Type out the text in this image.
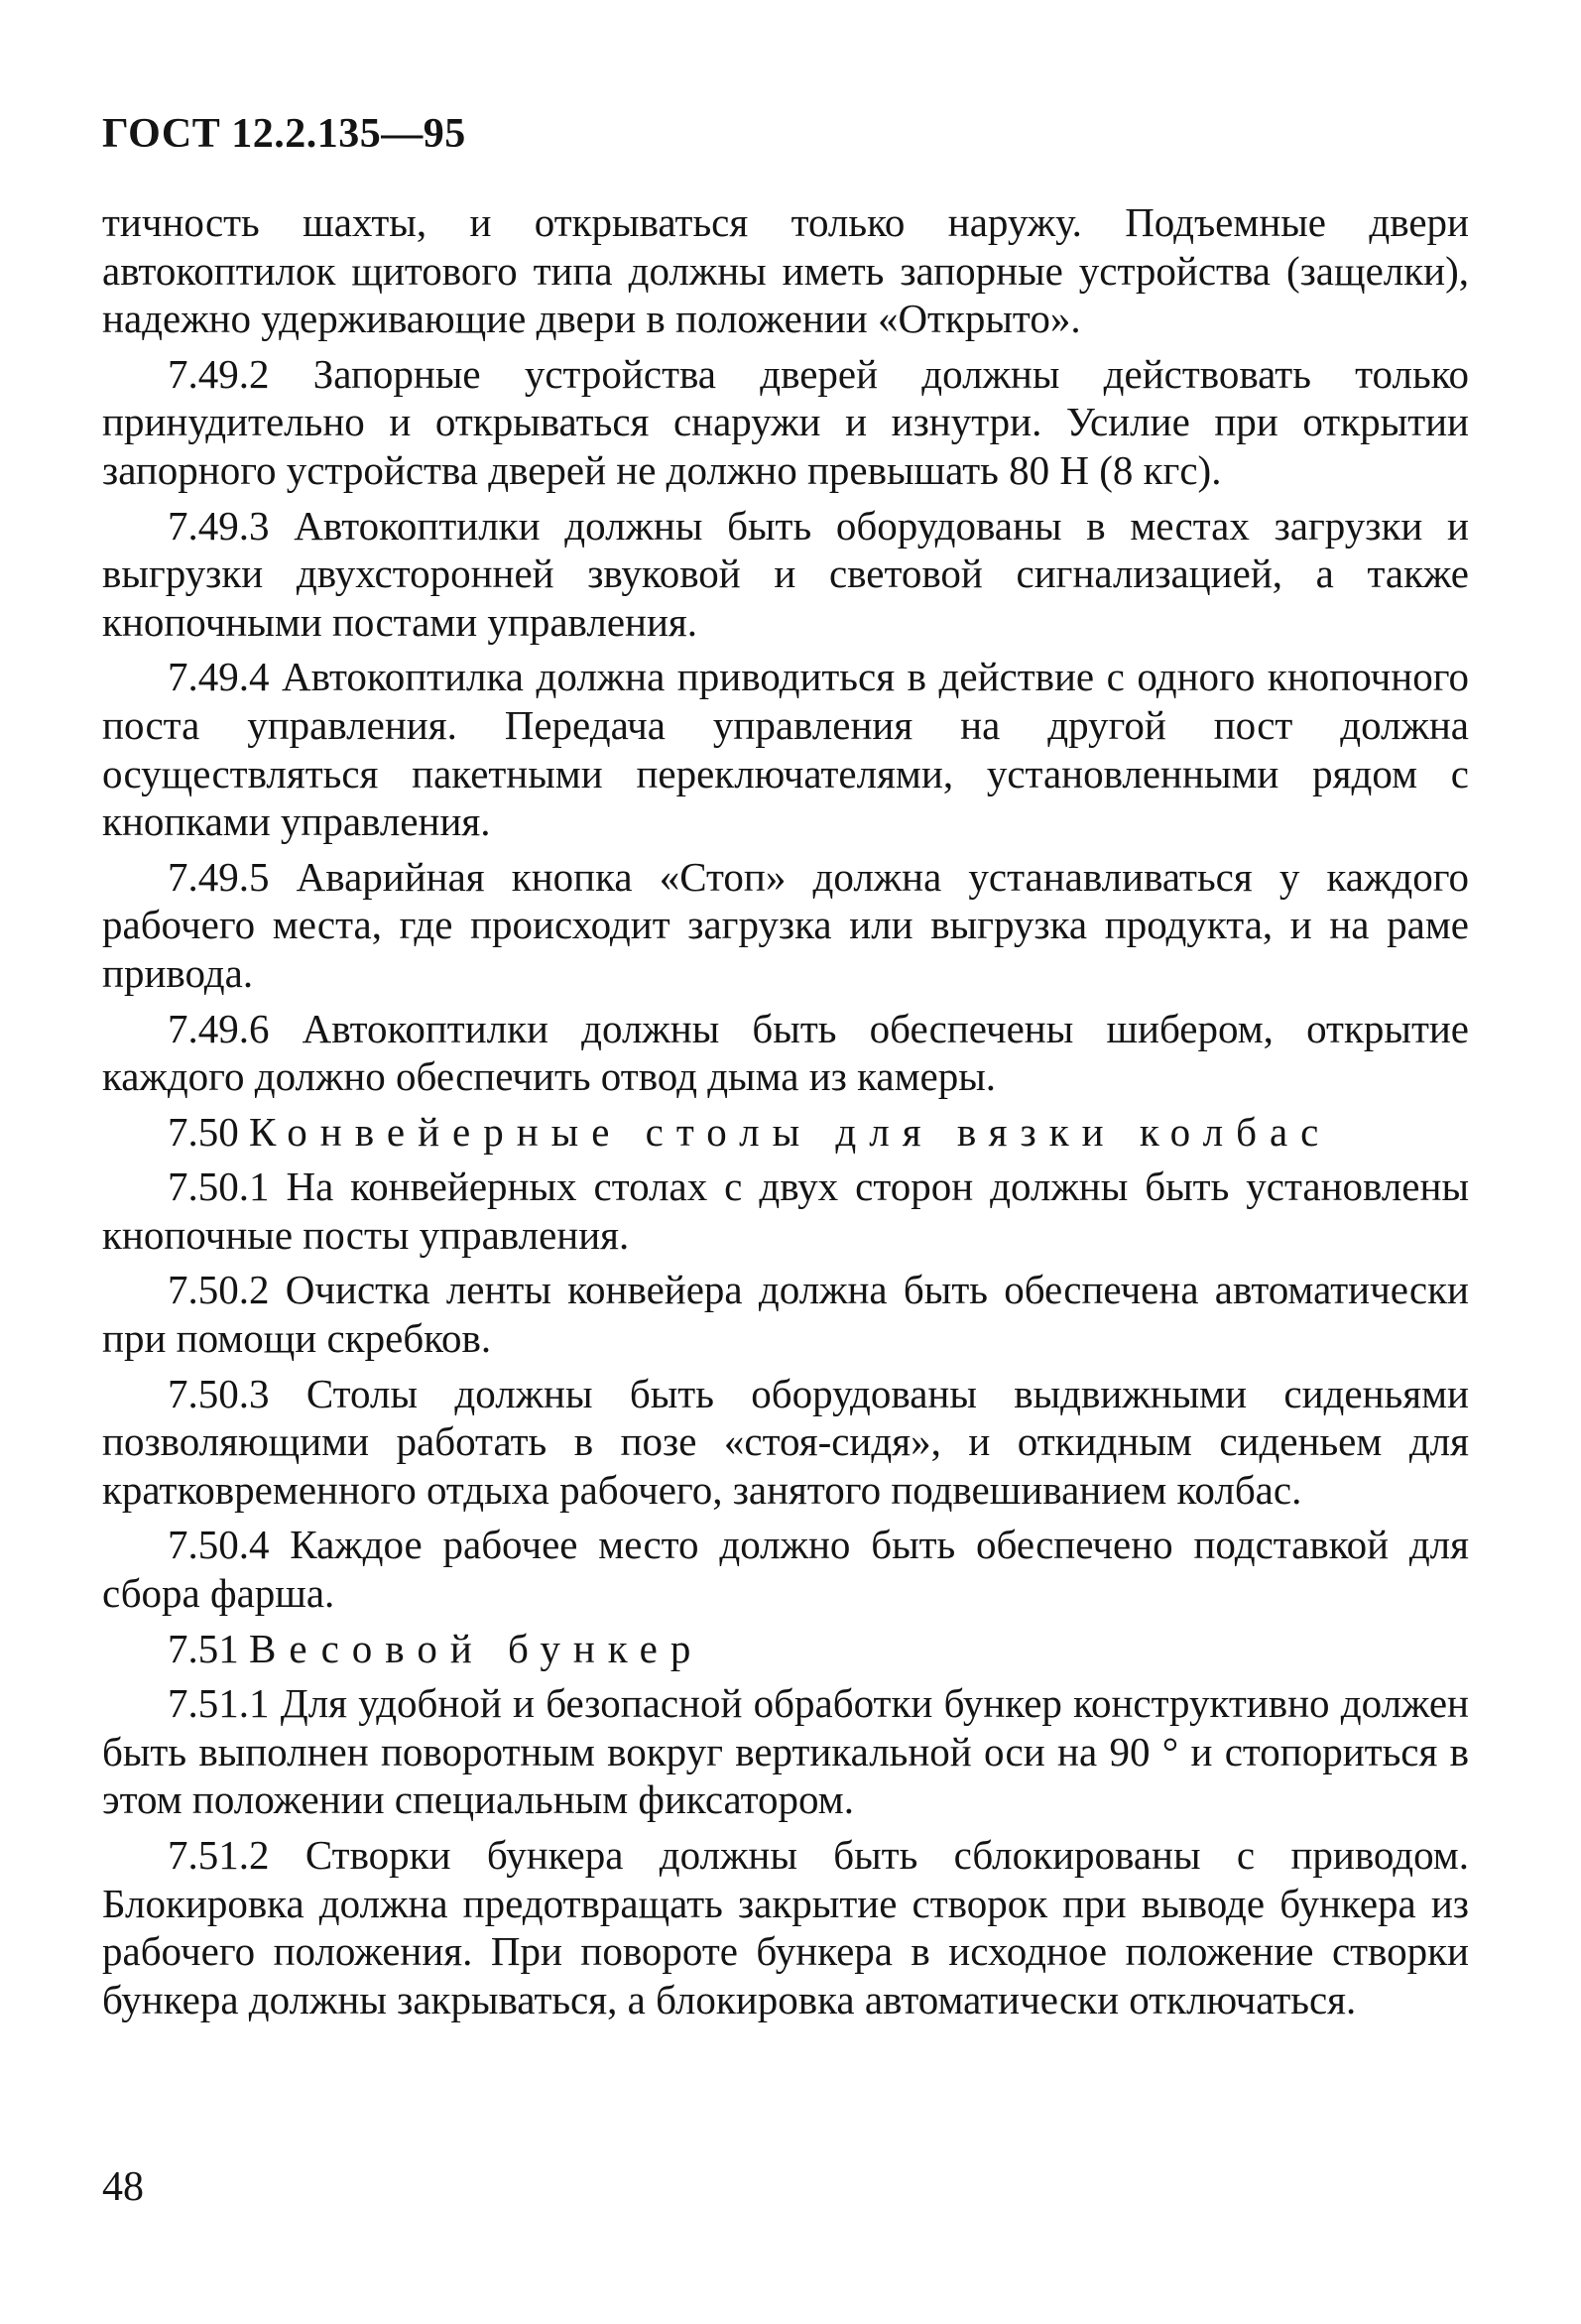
ГОСТ 12.2.135—95

тичность шахты, и открываться только наружу. Подъемные двери автокоптилок щитового типа должны иметь запорные устройства (защелки), надежно удерживающие двери в положении «Открыто».

7.49.2 Запорные устройства дверей должны действовать только принудительно и открываться снаружи и изнутри. Усилие при открытии запорного устройства дверей не должно превышать 80 Н (8 кгс).

7.49.3 Автокоптилки должны быть оборудованы в местах загрузки и выгрузки двухсторонней звуковой и световой сигнализацией, а также кнопочными постами управления.

7.49.4 Автокоптилка должна приводиться в действие с одного кнопочного поста управления. Передача управления на другой пост должна осуществляться пакетными переключателями, установленными рядом с кнопками управления.

7.49.5 Аварийная кнопка «Стоп» должна устанавливаться у каждого рабочего места, где происходит загрузка или выгрузка продукта, и на раме привода.

7.49.6 Автокоптилки должны быть обеспечены шибером, открытие каждого должно обеспечить отвод дыма из камеры.

7.50 Конвейерные столы для вязки колбас

7.50.1 На конвейерных столах с двух сторон должны быть установлены кнопочные посты управления.

7.50.2 Очистка ленты конвейера должна быть обеспечена автоматически при помощи скребков.

7.50.3 Столы должны быть оборудованы выдвижными сиденьями позволяющими работать в позе «стоя-сидя», и откидным сиденьем для кратковременного отдыха рабочего, занятого подвешиванием колбас.

7.50.4 Каждое рабочее место должно быть обеспечено подставкой для сбора фарша.

7.51 Весовой бункер

7.51.1 Для удобной и безопасной обработки бункер конструктивно должен быть выполнен поворотным вокруг вертикальной оси на 90 ° и стопориться в этом положении специальным фиксатором.

7.51.2 Створки бункера должны быть сблокированы с приводом. Блокировка должна предотвращать закрытие створок при выводе бункера из рабочего положения. При повороте бункера в исходное положение створки бункера должны закрываться, а блокировка автоматически отключаться.

48
